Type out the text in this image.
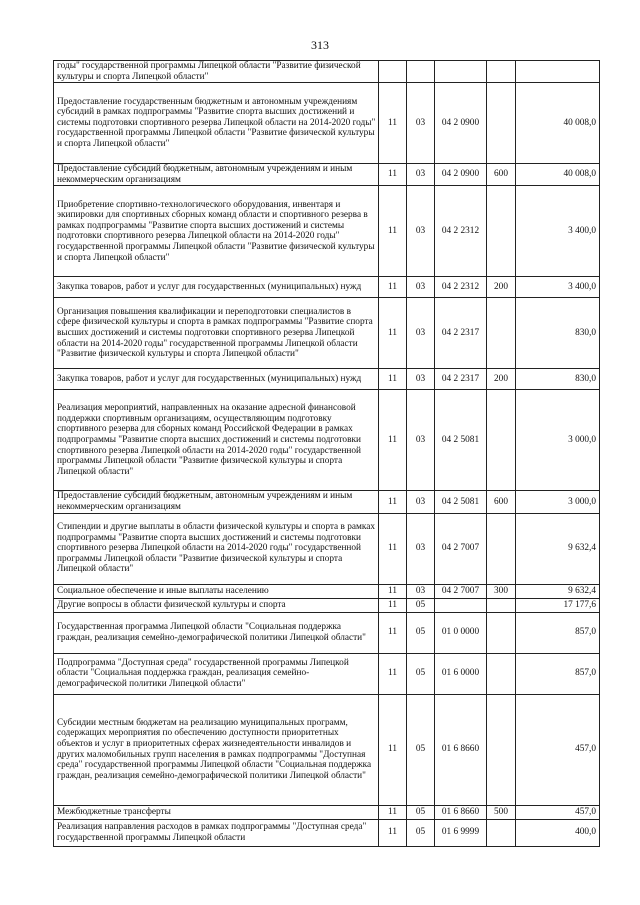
313
годы" государственной программы Липецкой области "Развитие физической культуры и спорта Липецкой области"					
Предоставление государственным бюджетным и автономным учреждениям субсидий в рамках подпрограммы "Развитие спорта высших достижений и системы подготовки спортивного резерва Липецкой области на 2014-2020 годы" государственной программы Липецкой области "Развитие физической культуры и спорта Липецкой области"	11	03	04 2 0900		40 008,0
Предоставление субсидий бюджетным, автономным учреждениям и иным некоммерческим организациям	11	03	04 2 0900	600	40 008,0
Приобретение спортивно-технологического оборудования, инвентаря и экипировки для спортивных сборных команд области и спортивного резерва в рамках подпрограммы "Развитие спорта высших достижений и системы подготовки спортивного резерва Липецкой области на 2014-2020 годы" государственной программы Липецкой области "Развитие физической культуры и спорта Липецкой области"	11	03	04 2 2312		3 400,0
Закупка товаров, работ и услуг для государственных (муниципальных) нужд	11	03	04 2 2312	200	3 400,0
Организация повышения квалификации и переподготовки специалистов в сфере физической культуры и спорта в рамках подпрограммы "Развитие спорта высших достижений и системы подготовки спортивного резерва Липецкой области на 2014-2020 годы" государственной программы Липецкой области "Развитие физической культуры и спорта Липецкой области"	11	03	04 2 2317		830,0
Закупка товаров, работ и услуг для государственных (муниципальных) нужд	11	03	04 2 2317	200	830,0
Реализация мероприятий, направленных на оказание адресной финансовой поддержки спортивным организациям, осуществляющим подготовку спортивного резерва для сборных команд Российской Федерации в рамках подпрограммы "Развитие спорта высших достижений и системы подготовки спортивного резерва Липецкой области на 2014-2020 годы" государственной программы Липецкой области "Развитие физической культуры и спорта Липецкой области"	11	03	04 2 5081		3 000,0
Предоставление субсидий бюджетным, автономным учреждениям и иным некоммерческим организациям	11	03	04 2 5081	600	3 000,0
Стипендии и другие выплаты в области физической культуры и спорта в рамках подпрограммы "Развитие спорта высших достижений и системы подготовки спортивного резерва Липецкой области на 2014-2020 годы" государственной программы Липецкой области "Развитие физической культуры и спорта Липецкой области"	11	03	04 2 7007		9 632,4
Социальное обеспечение и иные выплаты населению	11	03	04 2 7007	300	9 632,4
Другие вопросы в области физической культуры и спорта	11	05			17 177,6
Государственная программа Липецкой области "Социальная поддержка граждан, реализация семейно-демографической политики Липецкой области"	11	05	01 0 0000		857,0
Подпрограмма "Доступная среда" государственной программы Липецкой области "Социальная поддержка граждан, реализация семейно-демографической политики Липецкой области"	11	05	01 6 0000		857,0
Субсидии местным бюджетам на реализацию муниципальных программ, содержащих мероприятия по обеспечению доступности приоритетных объектов и услуг в приоритетных сферах жизнедеятельности инвалидов и других маломобильных групп населения в рамках подпрограммы "Доступная среда" государственной программы Липецкой области "Социальная поддержка граждан, реализация семейно-демографической политики Липецкой области"	11	05	01 6 8660		457,0
Межбюджетные трансферты	11	05	01 6 8660	500	457,0
Реализация направления расходов в рамках подпрограммы "Доступная среда" государственной программы Липецкой области	11	05	01 6 9999		400,0
